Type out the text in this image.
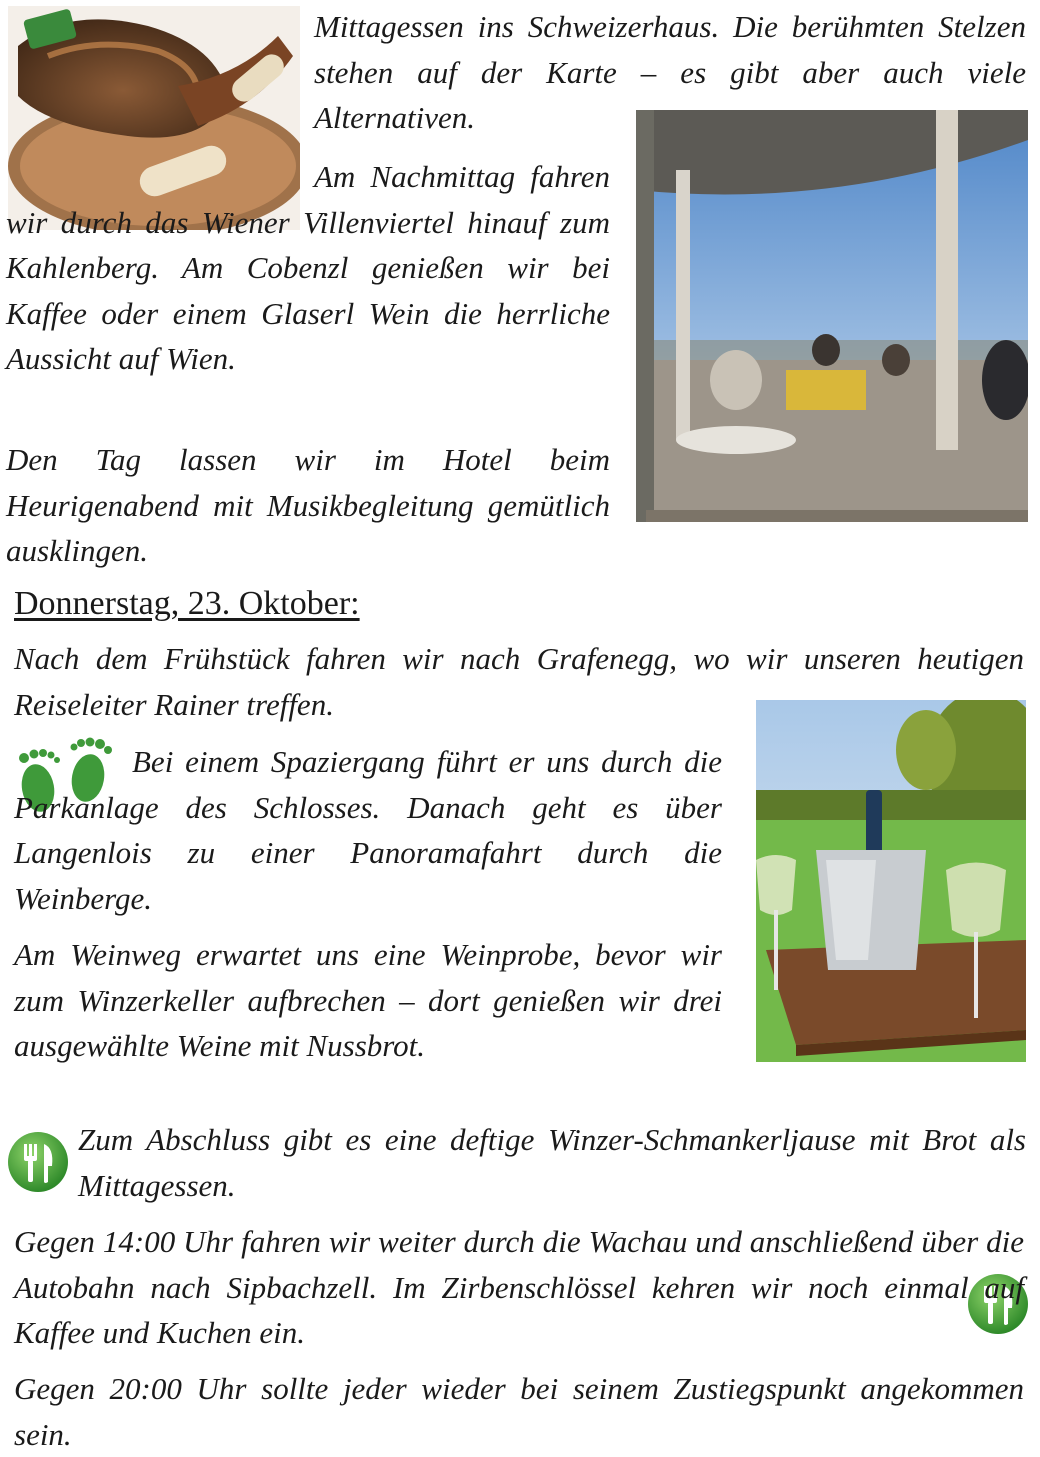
Mittagessen ins Schweizerhaus. Die berühmten Stelzen stehen auf der Karte – es gibt aber auch viele Alternativen.

Am Nachmittag fahren wir durch das Wiener Villenviertel hinauf zum Kahlenberg. Am Cobenzl genießen wir bei Kaffee oder einem Glaserl Wein die herrliche Aussicht auf Wien.

Den Tag lassen wir im Hotel beim Heurigenabend mit Musikbegleitung gemütlich ausklingen.

Donnerstag, 23. Oktober:

Nach dem Frühstück fahren wir nach Grafenegg, wo wir unseren heutigen Reiseleiter Rainer treffen.

Bei einem Spaziergang führt er uns durch die Parkanlage des Schlosses. Danach geht es über Langenlois zu einer Panoramafahrt durch die Weinberge.

Am Weinweg erwartet uns eine Weinprobe, bevor wir zum Winzerkeller aufbrechen – dort genießen wir drei ausgewählte Weine mit Nussbrot.

Zum Abschluss gibt es eine deftige Winzer-Schmankerljause mit Brot als Mittagessen.

Gegen 14:00 Uhr fahren wir weiter durch die Wachau und anschließend über die Autobahn nach Sipbachzell. Im Zirbenschlössel kehren wir noch einmal auf Kaffee und Kuchen ein.

Gegen 20:00 Uhr sollte jeder wieder bei seinem Zustiegspunkt angekommen sein.
